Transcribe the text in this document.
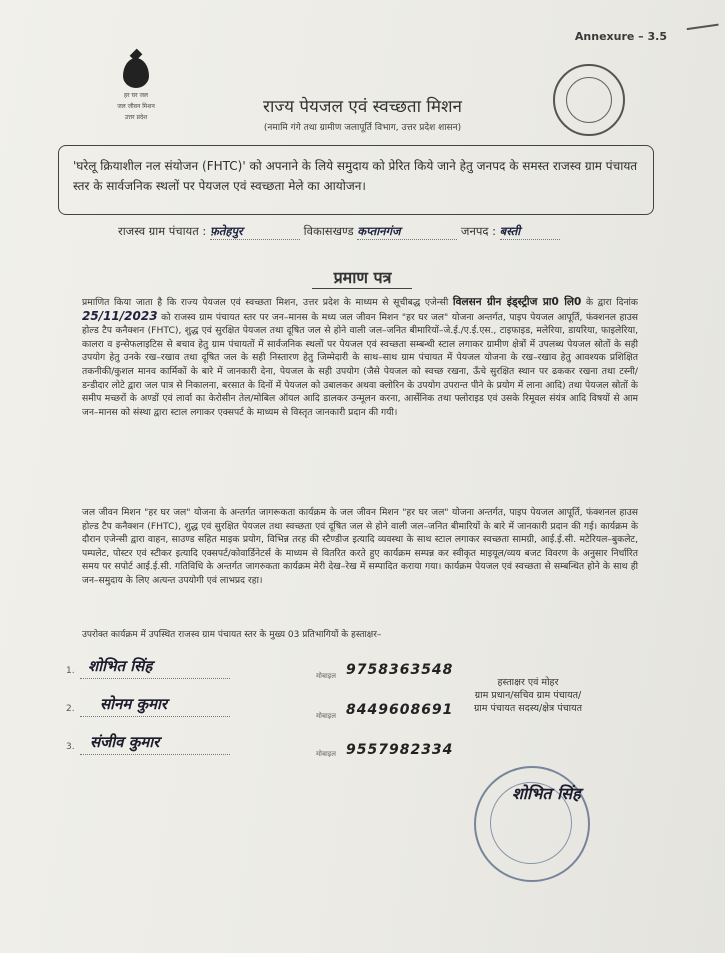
Annexure – 3.5
हर घर जल
जल जीवन मिशन
उत्तर प्रदेश
राज्य पेयजल एवं स्वच्छता मिशन
(नमामि गंगे तथा ग्रामीण जलापूर्ति विभाग, उत्तर प्रदेश शासन)
'घरेलू क्रियाशील नल संयोजन (FHTC)' को अपनाने के लिये समुदाय को प्रेरित किये जाने हेतु जनपद के समस्त राजस्व ग्राम पंचायत स्तर के सार्वजनिक स्थलों पर पेयजल एवं स्वच्छता मेले का आयोजन।
राजस्व ग्राम पंचायत : फ़तेहपुर	विकासखण्ड कप्तानगंज	जनपद : बस्ती
प्रमाण पत्र
प्रमाणित किया जाता है कि राज्य पेयजल एवं स्वच्छता मिशन, उत्तर प्रदेश के माध्यम से सूचीबद्ध एजेन्सी विलसन ग्रीन इंड्स्ट्रीज प्रा0 लि0 के द्वारा दिनांक 25/11/2023 को राजस्व ग्राम पंचायत स्तर पर जन–मानस के मध्य जल जीवन मिशन "हर घर जल" योजना अन्तर्गत, पाइप पेयजल आपूर्ति, फंक्शनल हाउस होल्ड टैप कनैक्शन (FHTC), शुद्ध एवं सुरक्षित पेयजल तथा दूषित जल से होने वाली जल–जनित बीमारियों–जे.ई./ए.ई.एस., टाइफाइड, मलेरिया, डायरिया, फाइलेरिया, कालरा व इन्सेफलाइटिस से बचाव हेतु ग्राम पंचायतों में सार्वजनिक स्थलों पर पेयजल एवं स्वच्छता सम्बन्धी स्टाल लगाकर ग्रामीण क्षेत्रों में उपलब्ध पेयजल स्रोतों के सही उपयोग हेतु उनके रख–रखाव तथा दूषित जल के सही निस्तारण हेतु जिम्मेदारी के साथ–साथ ग्राम पंचायत में पेयजल योजना के रख–रखाव हेतु आवश्यक प्रशिक्षित तकनीकी/कुशल मानव कार्मिकों के बारे में जानकारी देना, पेयजल के सही उपयोग (जैसे पेयजल को स्वच्छ रखना, ऊँचे सुरक्षित स्थान पर ढककर रखना तथा टस्नी/डन्डीदार लोटे द्वारा जल पात्र से निकालना, बरसात के दिनों में पेयजल को उबालकर अथवा क्लोरिन के उपयोग उपरान्त पीने के प्रयोग में लाना आदि) तथा पेयजल स्रोतों के समीप मच्छरों के अण्डों एवं लार्वा का केरोसीन तेल/मोबिल ऑयल आदि डालकर उन्मूलन करना, आर्सेनिक तथा फ्लोराइड एवं उसके रिमूवल संयंत्र आदि विषयों से आम जन–मानस को संस्था द्वारा स्टाल लगाकर एक्सपर्ट के माध्यम से विस्तृत जानकारी प्रदान की गयी।
जल जीवन मिशन "हर घर जल" योजना के अन्तर्गत जागरूकता कार्यक्रम के जल जीवन मिशन "हर घर जल" योजना अन्तर्गत, पाइप पेयजल आपूर्ति, फंक्शनल हाउस होल्ड टैप कनैक्शन (FHTC), शुद्ध एवं सुरक्षित पेयजल तथा स्वच्छता एवं दूषित जल से होने वाली जल–जनित बीमारियों के बारे में जानकारी प्रदान की गई। कार्यक्रम के दौरान एजेन्सी द्वारा वाहन, साउण्ड सहित माइक प्रयोग, विभिन्न तरह की स्टैण्डीज इत्यादि व्यवस्था के साथ स्टाल लगाकर स्वच्छता सामग्री, आई.ई.सी. मटेरियल–बुकलेट, पम्पलेट, पोस्टर एवं स्टीकर इत्यादि एक्सपर्ट/कोवार्डिनेटर्स के माध्यम से वितरित करते हुए कार्यक्रम सम्पन्न कर स्वीकृत माइयूल/व्यय बजट विवरण के अनुसार निर्धारित समय पर सपोर्ट आई.ई.सी. गतिविधि के अन्तर्गत जागरुकता कार्यक्रम मेरी देख–रेख में सम्पादित कराया गया। कार्यक्रम पेयजल एवं स्वच्छता से सम्बन्धित होने के साथ ही जन–समुदाय के लिए अत्यन्त उपयोगी एवं लाभप्रद रहा।
उपरोक्त कार्यक्रम में उपस्थित राजस्व ग्राम पंचायत स्तर के मुख्य 03 प्रतिभागियों के हस्ताक्षर–
1. शोभित सिंह
मोबाइल 9758363548
2. सोनम कुमार
मोबाइल 8449608691
3. संजीव कुमार
मोबाइल 9557982334
हस्ताक्षर एवं मोहर
ग्राम प्रधान/सचिव ग्राम पंचायत/
ग्राम पंचायत सदस्य/क्षेत्र पंचायत
शोभित सिंह
